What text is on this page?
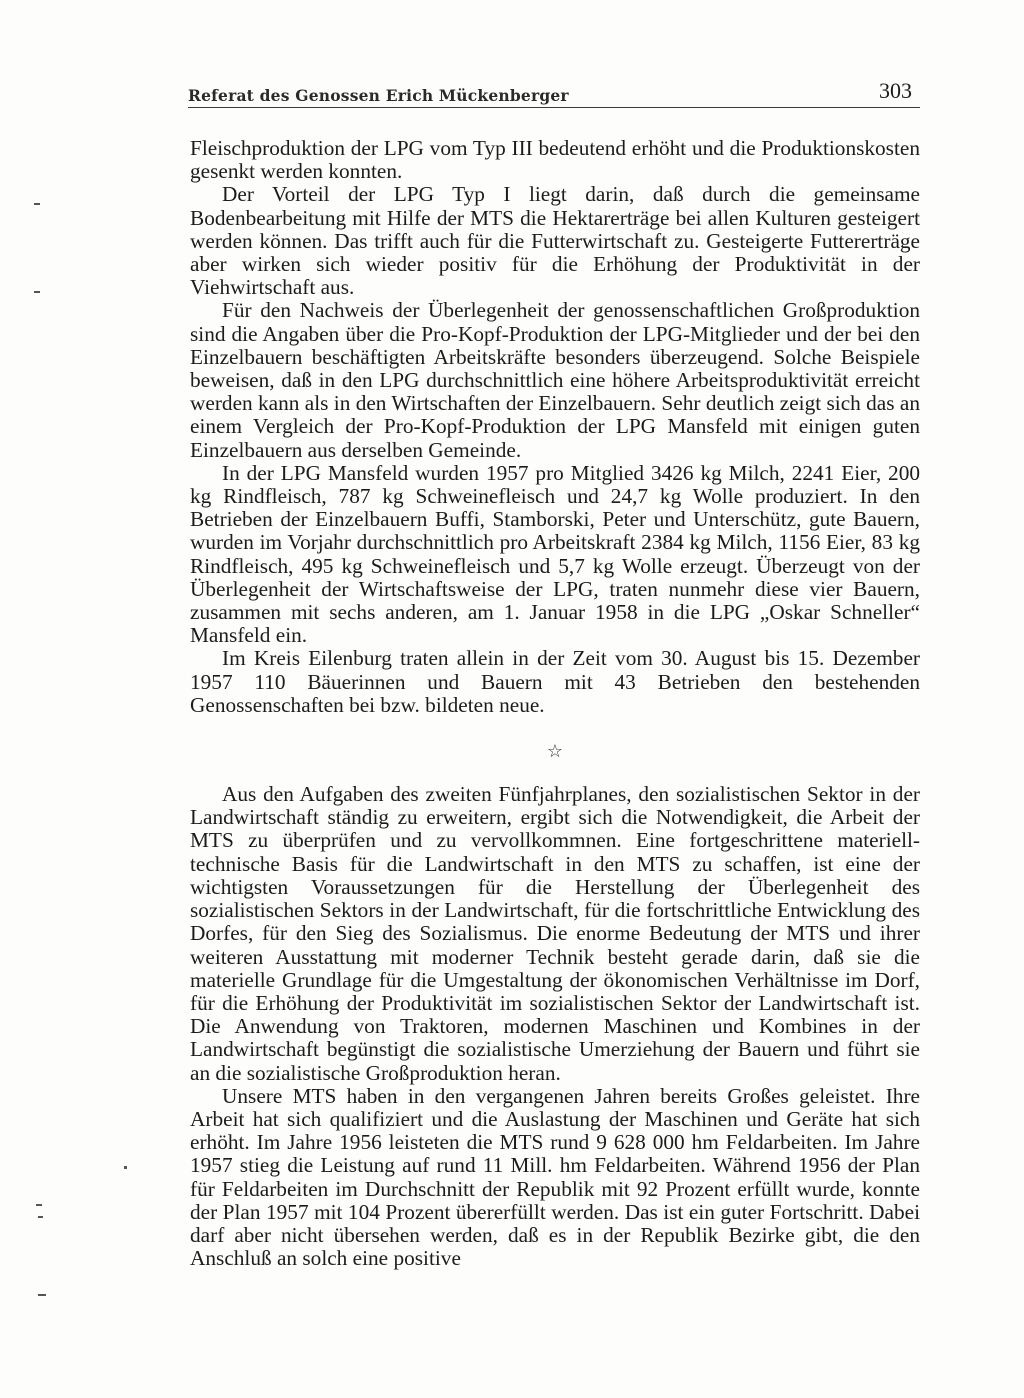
Referat des Genossen Erich Mückenberger	303

Fleischproduktion der LPG vom Typ III bedeutend erhöht und die Produktionskosten gesenkt werden konnten.

Der Vorteil der LPG Typ I liegt darin, daß durch die gemeinsame Bodenbearbeitung mit Hilfe der MTS die Hektarerträge bei allen Kulturen gesteigert werden können. Das trifft auch für die Futterwirtschaft zu. Gesteigerte Futtererträge aber wirken sich wieder positiv für die Erhöhung der Produktivität in der Viehwirtschaft aus.

Für den Nachweis der Überlegenheit der genossenschaftlichen Großproduktion sind die Angaben über die Pro-Kopf-Produktion der LPG-Mitglieder und der bei den Einzelbauern beschäftigten Arbeitskräfte besonders überzeugend. Solche Beispiele beweisen, daß in den LPG durchschnittlich eine höhere Arbeitsproduktivität erreicht werden kann als in den Wirtschaften der Einzelbauern. Sehr deutlich zeigt sich das an einem Vergleich der Pro-Kopf-Produktion der LPG Mansfeld mit einigen guten Einzelbauern aus derselben Gemeinde.

In der LPG Mansfeld wurden 1957 pro Mitglied 3426 kg Milch, 2241 Eier, 200 kg Rindfleisch, 787 kg Schweinefleisch und 24,7 kg Wolle produziert. In den Betrieben der Einzelbauern Buffi, Stamborski, Peter und Unterschütz, gute Bauern, wurden im Vorjahr durchschnittlich pro Arbeitskraft 2384 kg Milch, 1156 Eier, 83 kg Rindfleisch, 495 kg Schweinefleisch und 5,7 kg Wolle erzeugt. Überzeugt von der Überlegenheit der Wirtschaftsweise der LPG, traten nunmehr diese vier Bauern, zusammen mit sechs anderen, am 1. Januar 1958 in die LPG „Oskar Schneller“ Mansfeld ein.

Im Kreis Eilenburg traten allein in der Zeit vom 30. August bis 15. Dezember 1957 110 Bäuerinnen und Bauern mit 43 Betrieben den bestehenden Genossenschaften bei bzw. bildeten neue.

☆

Aus den Aufgaben des zweiten Fünfjahrplanes, den sozialistischen Sektor in der Landwirtschaft ständig zu erweitern, ergibt sich die Notwendigkeit, die Arbeit der MTS zu überprüfen und zu vervollkommnen. Eine fortgeschrittene materiell-technische Basis für die Landwirtschaft in den MTS zu schaffen, ist eine der wichtigsten Voraussetzungen für die Herstellung der Überlegenheit des sozialistischen Sektors in der Landwirtschaft, für die fortschrittliche Entwicklung des Dorfes, für den Sieg des Sozialismus. Die enorme Bedeutung der MTS und ihrer weiteren Ausstattung mit moderner Technik besteht gerade darin, daß sie die materielle Grundlage für die Umgestaltung der ökonomischen Verhältnisse im Dorf, für die Erhöhung der Produktivität im sozialistischen Sektor der Landwirtschaft ist. Die Anwendung von Traktoren, modernen Maschinen und Kombines in der Landwirtschaft begünstigt die sozialistische Umerziehung der Bauern und führt sie an die sozialistische Großproduktion heran.

Unsere MTS haben in den vergangenen Jahren bereits Großes geleistet. Ihre Arbeit hat sich qualifiziert und die Auslastung der Maschinen und Geräte hat sich erhöht. Im Jahre 1956 leisteten die MTS rund 9 628 000 hm Feldarbeiten. Im Jahre 1957 stieg die Leistung auf rund 11 Mill. hm Feldarbeiten. Während 1956 der Plan für Feldarbeiten im Durchschnitt der Republik mit 92 Prozent erfüllt wurde, konnte der Plan 1957 mit 104 Prozent übererfüllt werden. Das ist ein guter Fortschritt. Dabei darf aber nicht übersehen werden, daß es in der Republik Bezirke gibt, die den Anschluß an solch eine positive
